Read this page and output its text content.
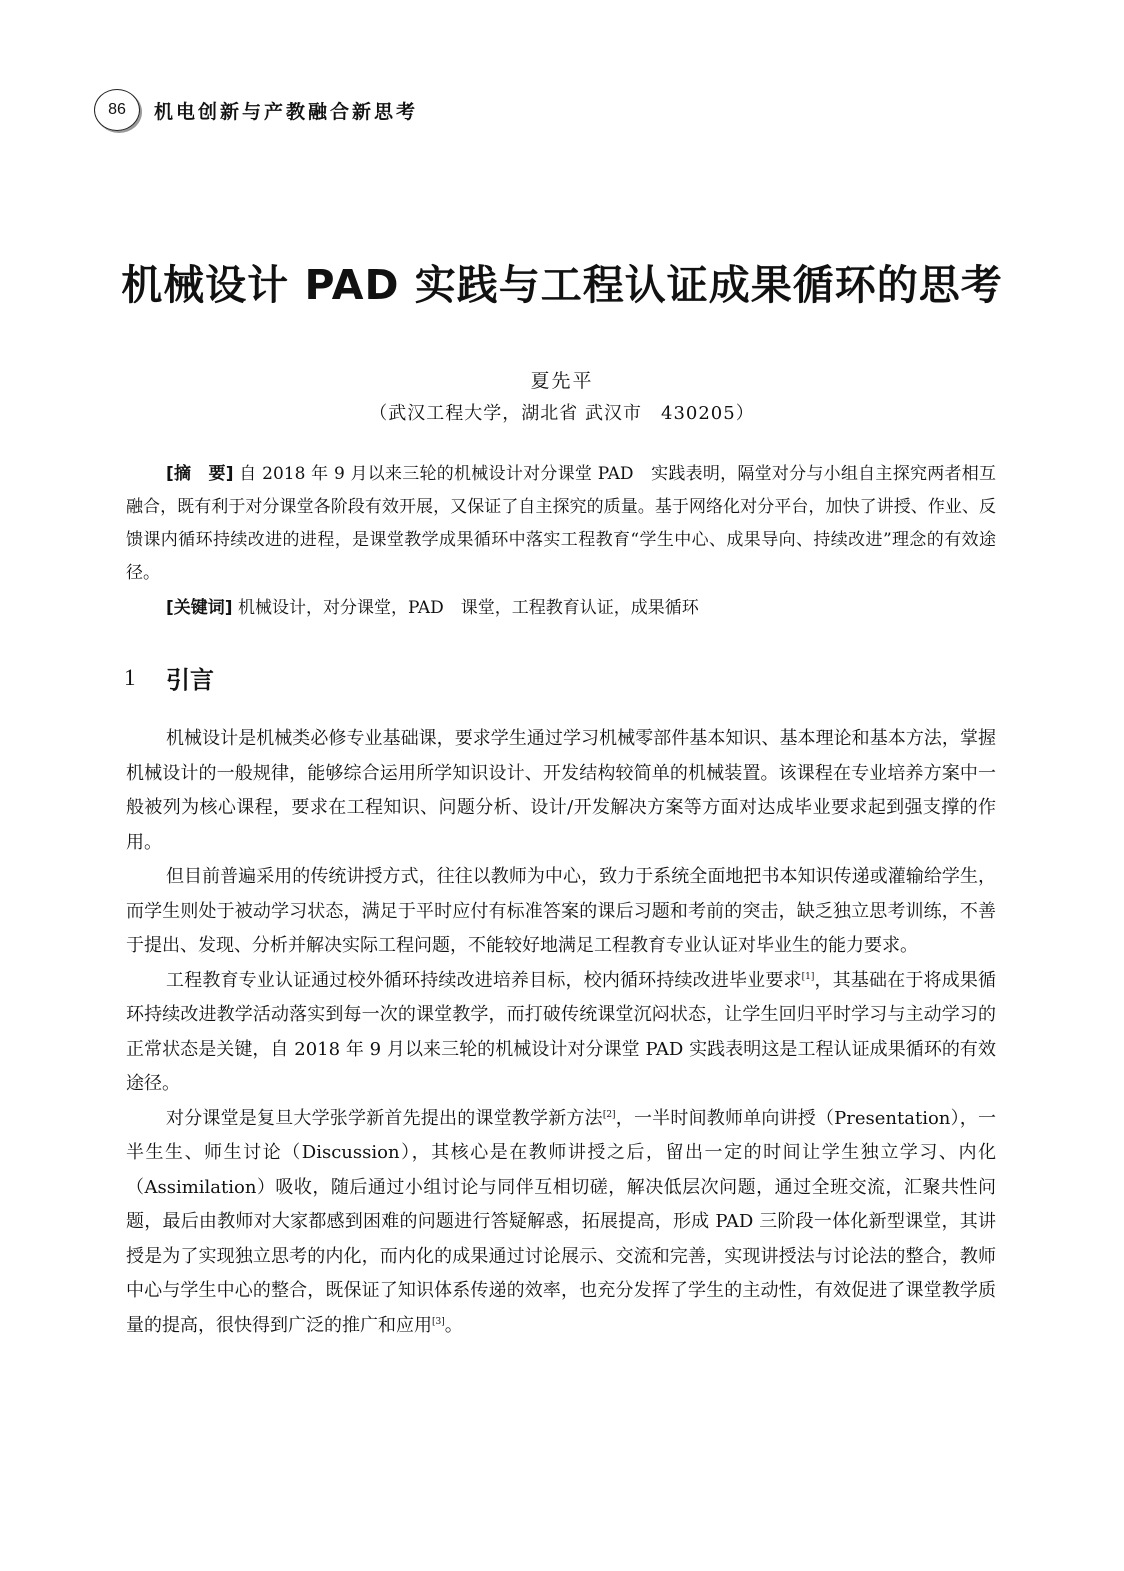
86	机电创新与产教融合新思考
机械设计 PAD 实践与工程认证成果循环的思考
夏先平
（武汉工程大学，湖北省 武汉市　430205）
[摘　要] 自 2018 年 9 月以来三轮的机械设计对分课堂 PAD　实践表明，隔堂对分与小组自主探究两者相互融合，既有利于对分课堂各阶段有效开展，又保证了自主探究的质量。基于网络化对分平台，加快了讲授、作业、反馈课内循环持续改进的进程，是课堂教学成果循环中落实工程教育“学生中心、成果导向、持续改进”理念的有效途径。
[关键词] 机械设计，对分课堂，PAD　课堂，工程教育认证，成果循环
1	引言

机械设计是机械类必修专业基础课，要求学生通过学习机械零部件基本知识、基本理论和基本方法，掌握机械设计的一般规律，能够综合运用所学知识设计、开发结构较简单的机械装置。该课程在专业培养方案中一般被列为核心课程，要求在工程知识、问题分析、设计/开发解决方案等方面对达成毕业要求起到强支撑的作用。

但目前普遍采用的传统讲授方式，往往以教师为中心，致力于系统全面地把书本知识传递或灌输给学生，而学生则处于被动学习状态，满足于平时应付有标准答案的课后习题和考前的突击，缺乏独立思考训练，不善于提出、发现、分析并解决实际工程问题，不能较好地满足工程教育专业认证对毕业生的能力要求。

工程教育专业认证通过校外循环持续改进培养目标，校内循环持续改进毕业要求[1]，其基础在于将成果循环持续改进教学活动落实到每一次的课堂教学，而打破传统课堂沉闷状态，让学生回归平时学习与主动学习的正常状态是关键，自 2018 年 9 月以来三轮的机械设计对分课堂 PAD 实践表明这是工程认证成果循环的有效途径。

对分课堂是复旦大学张学新首先提出的课堂教学新方法[2]，一半时间教师单向讲授（Presentation），一半生生、师生讨论（Discussion），其核心是在教师讲授之后，留出一定的时间让学生独立学习、内化（Assimilation）吸收，随后通过小组讨论与同伴互相切磋，解决低层次问题，通过全班交流，汇聚共性问题，最后由教师对大家都感到困难的问题进行答疑解惑，拓展提高，形成 PAD 三阶段一体化新型课堂，其讲授是为了实现独立思考的内化，而内化的成果通过讨论展示、交流和完善，实现讲授法与讨论法的整合，教师中心与学生中心的整合，既保证了知识体系传递的效率，也充分发挥了学生的主动性，有效促进了课堂教学质量的提高，很快得到广泛的推广和应用[3]。
